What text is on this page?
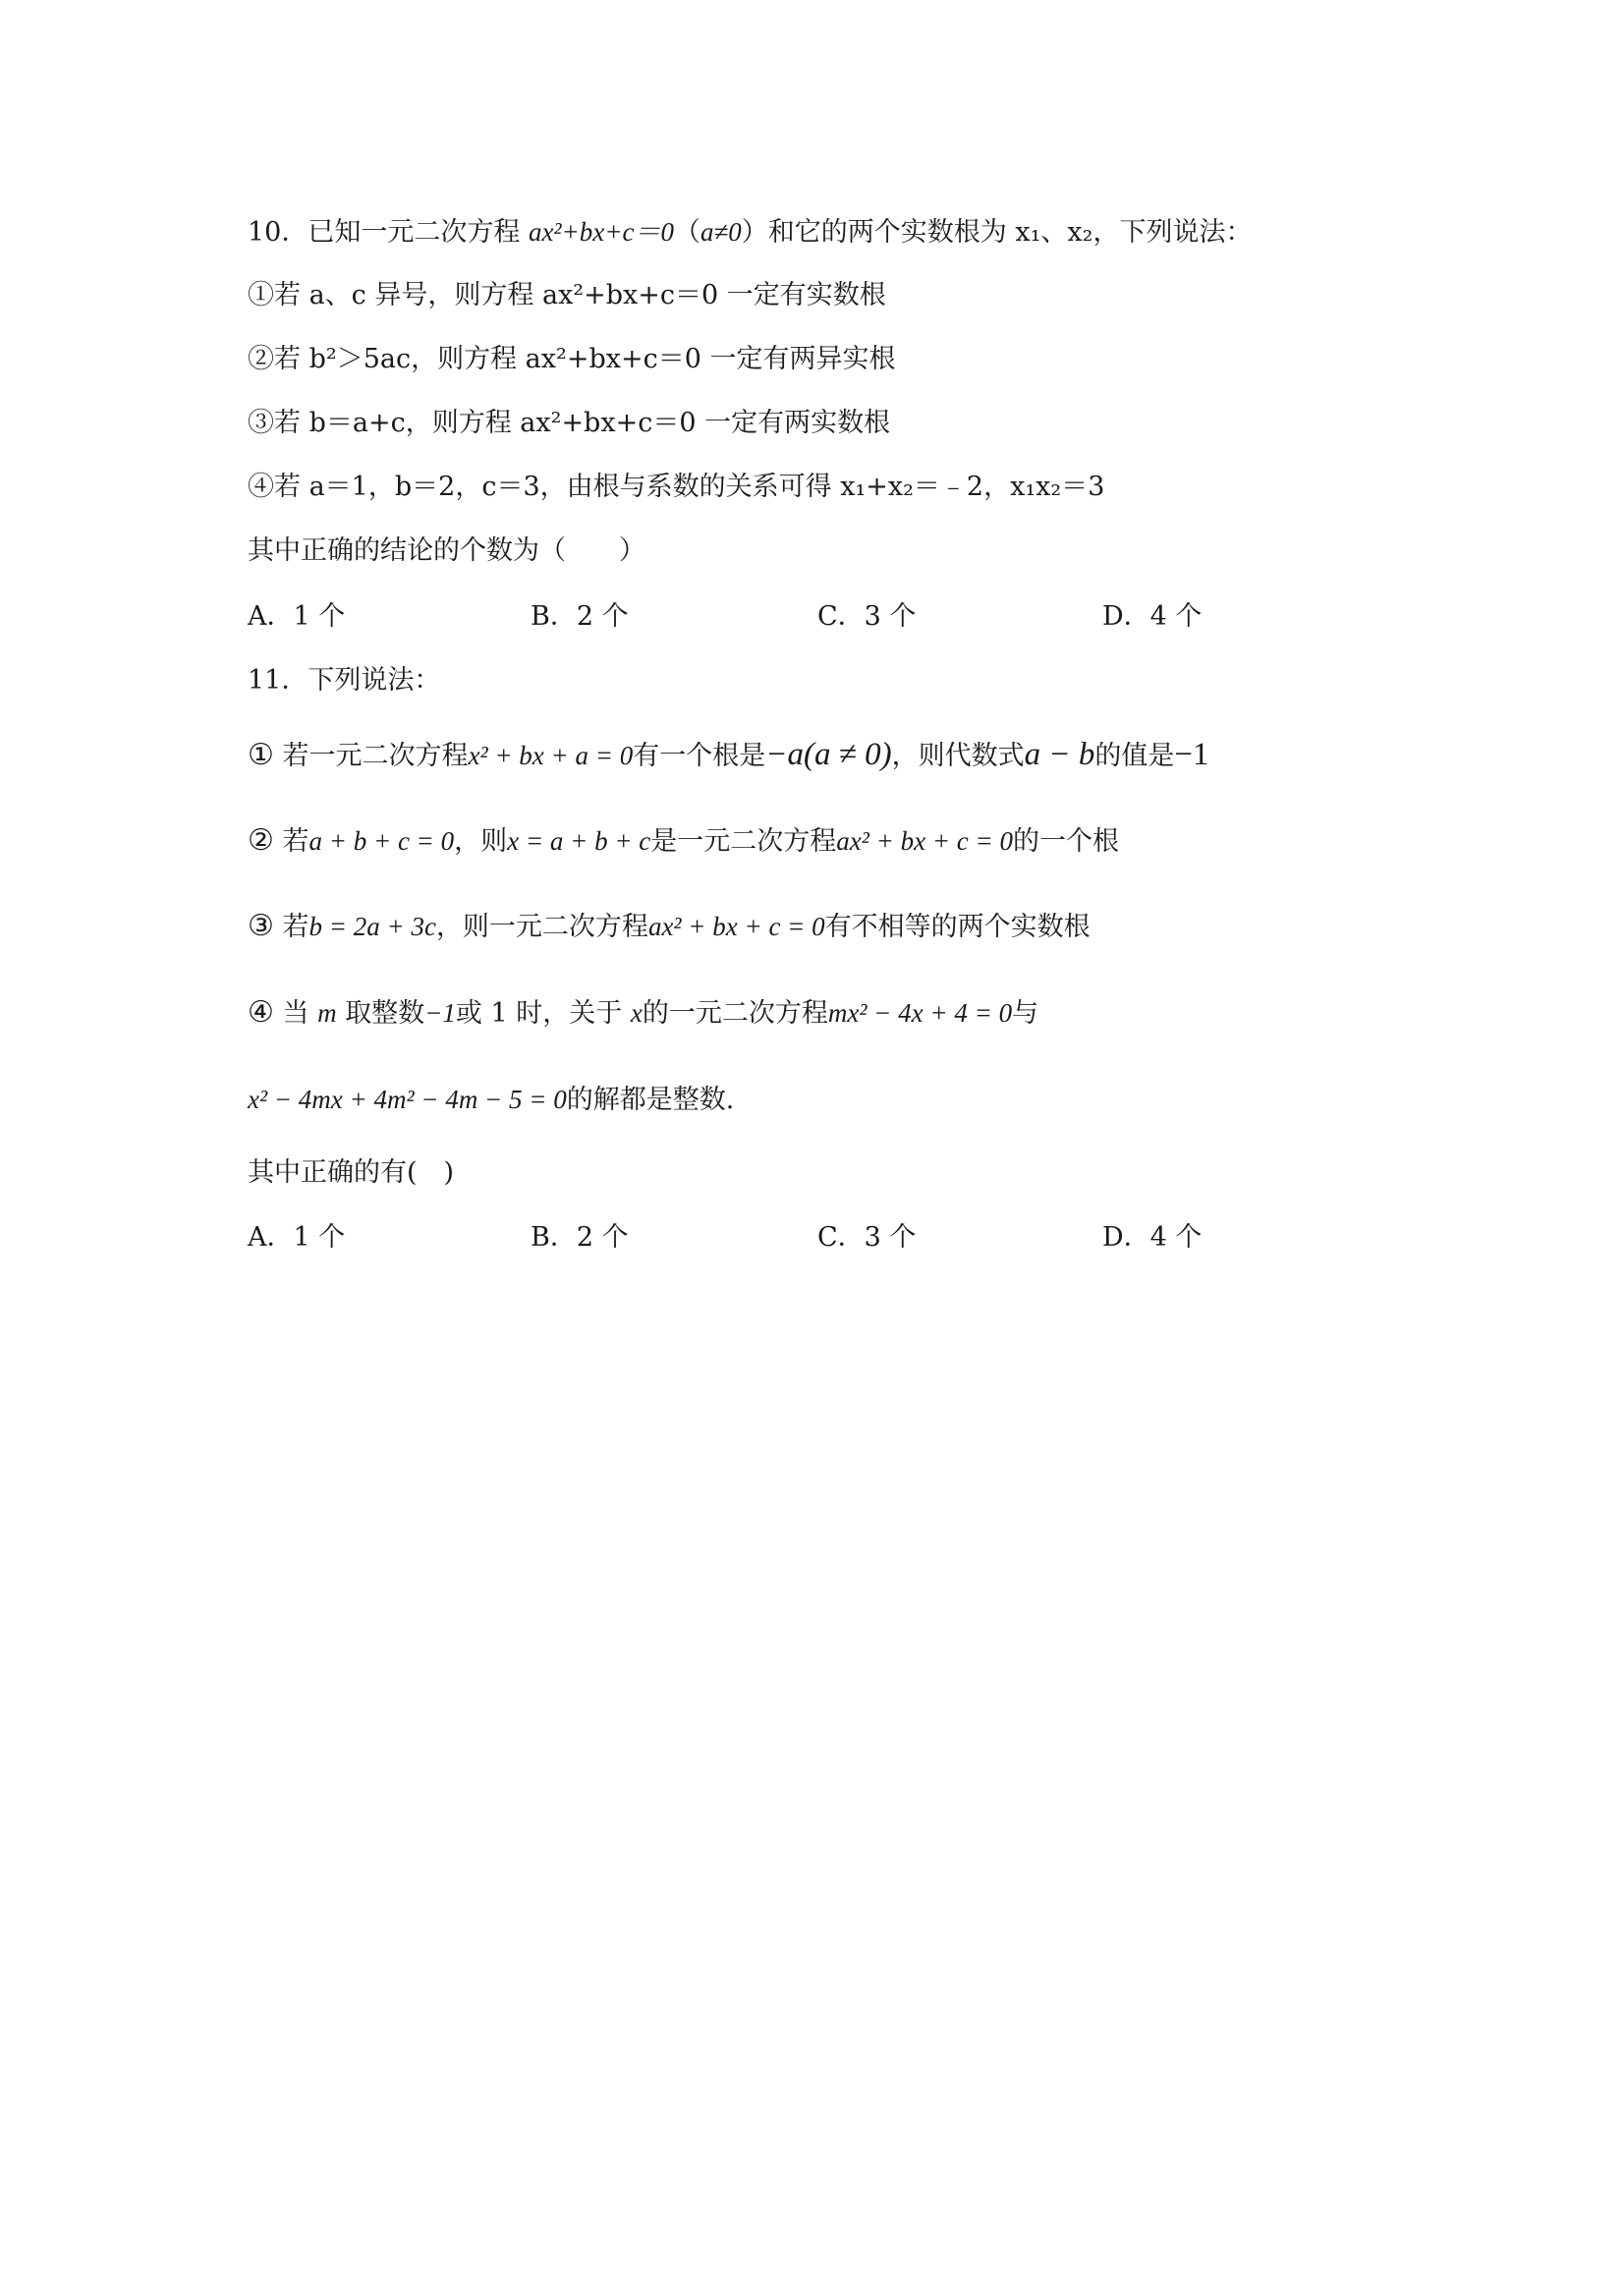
10．已知一元二次方程 ax²+bx+c＝0（a≠0）和它的两个实数根为 x₁、x₂，下列说法：
①若 a、c 异号，则方程 ax²+bx+c＝0 一定有实数根
②若 b²＞5ac，则方程 ax²+bx+c＝0 一定有两异实根
③若 b＝a+c，则方程 ax²+bx+c＝0 一定有两实数根
④若 a＝1，b＝2，c＝3，由根与系数的关系可得 x₁+x₂＝﹣2，x₁x₂＝3
其中正确的结论的个数为（　　）
A．1 个	B．2 个	C．3 个	D．4 个
11．下列说法：
① 若一元二次方程x² + bx + a = 0有一个根是−a(a ≠ 0)，则代数式a − b的值是−1
② 若a + b + c = 0，则x = a + b + c是一元二次方程ax² + bx + c = 0的一个根
③ 若b = 2a + 3c，则一元二次方程ax² + bx + c = 0有不相等的两个实数根
④ 当 m 取整数−1或 1 时，关于 x的一元二次方程mx² − 4x + 4 = 0与
x² − 4mx + 4m² − 4m − 5 = 0的解都是整数.
其中正确的有(　)
A．1 个	B．2 个	C．3 个	D．4 个
